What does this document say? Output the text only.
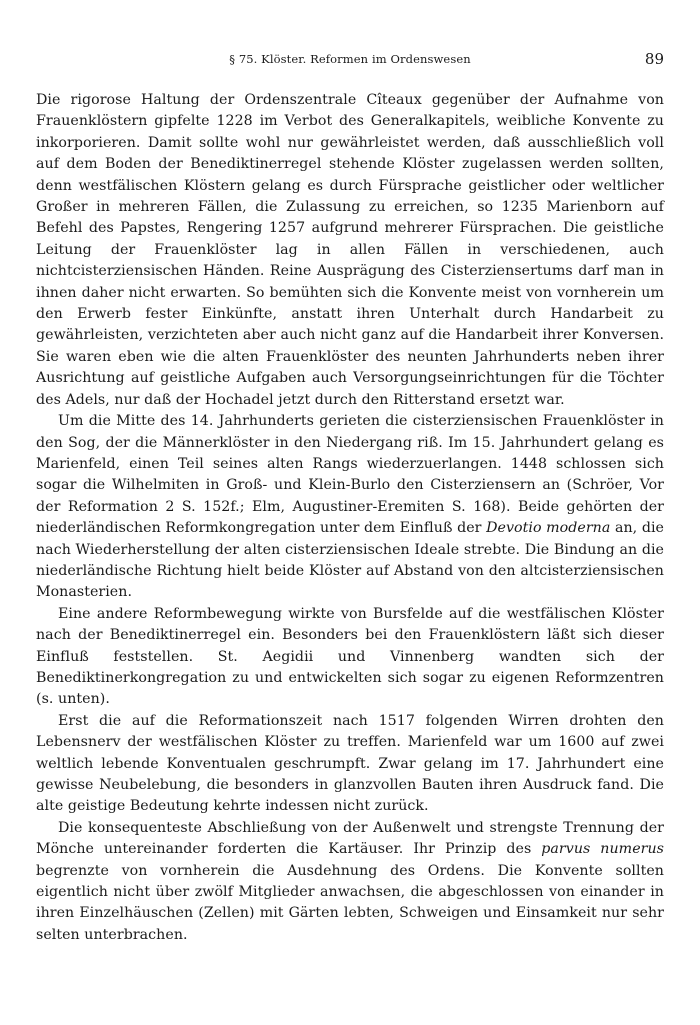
§ 75. Klöster. Reformen im Ordenswesen	89

Die rigorose Haltung der Ordenszentrale Cîteaux gegenüber der Aufnahme von Frauenklöstern gipfelte 1228 im Verbot des Generalkapitels, weibliche Konvente zu inkorporieren. Damit sollte wohl nur gewährleistet werden, daß ausschließlich voll auf dem Boden der Benediktinerregel stehende Klöster zugelassen werden sollten, denn westfälischen Klöstern gelang es durch Fürsprache geistlicher oder weltlicher Großer in mehreren Fällen, die Zulassung zu erreichen, so 1235 Marienborn auf Befehl des Papstes, Rengering 1257 aufgrund mehrerer Fürsprachen. Die geistliche Leitung der Frauenklöster lag in allen Fällen in verschiedenen, auch nichtcisterziensischen Händen. Reine Ausprägung des Cisterziensertums darf man in ihnen daher nicht erwarten. So bemühten sich die Konvente meist von vornherein um den Erwerb fester Einkünfte, anstatt ihren Unterhalt durch Handarbeit zu gewährleisten, verzichteten aber auch nicht ganz auf die Handarbeit ihrer Konversen. Sie waren eben wie die alten Frauenklöster des neunten Jahrhunderts neben ihrer Ausrichtung auf geistliche Aufgaben auch Versorgungseinrichtungen für die Töchter des Adels, nur daß der Hochadel jetzt durch den Ritterstand ersetzt war.

Um die Mitte des 14. Jahrhunderts gerieten die cisterziensischen Frauenklöster in den Sog, der die Männerklöster in den Niedergang riß. Im 15. Jahrhundert gelang es Marienfeld, einen Teil seines alten Rangs wiederzuerlangen. 1448 schlossen sich sogar die Wilhelmiten in Groß- und Klein-Burlo den Cisterziensern an (Schröer, Vor der Reformation 2 S. 152f.; Elm, Augustiner-Eremiten S. 168). Beide gehörten der niederländischen Reformkongregation unter dem Einfluß der Devotio moderna an, die nach Wiederherstellung der alten cisterziensischen Ideale strebte. Die Bindung an die niederländische Richtung hielt beide Klöster auf Abstand von den altcisterziensischen Monasterien.

Eine andere Reformbewegung wirkte von Bursfelde auf die westfälischen Klöster nach der Benediktinerregel ein. Besonders bei den Frauenklöstern läßt sich dieser Einfluß feststellen. St. Aegidii und Vinnenberg wandten sich der Benediktinerkongregation zu und entwickelten sich sogar zu eigenen Reformzentren (s. unten).

Erst die auf die Reformationszeit nach 1517 folgenden Wirren drohten den Lebensnerv der westfälischen Klöster zu treffen. Marienfeld war um 1600 auf zwei weltlich lebende Konventualen geschrumpft. Zwar gelang im 17. Jahrhundert eine gewisse Neubelebung, die besonders in glanzvollen Bauten ihren Ausdruck fand. Die alte geistige Bedeutung kehrte indessen nicht zurück.

Die konsequenteste Abschließung von der Außenwelt und strengste Trennung der Mönche untereinander forderten die Kartäuser. Ihr Prinzip des parvus numerus begrenzte von vornherein die Ausdehnung des Ordens. Die Konvente sollten eigentlich nicht über zwölf Mitglieder anwachsen, die abgeschlossen von einander in ihren Einzelhäuschen (Zellen) mit Gärten lebten, Schweigen und Einsamkeit nur sehr selten unterbrachen.
